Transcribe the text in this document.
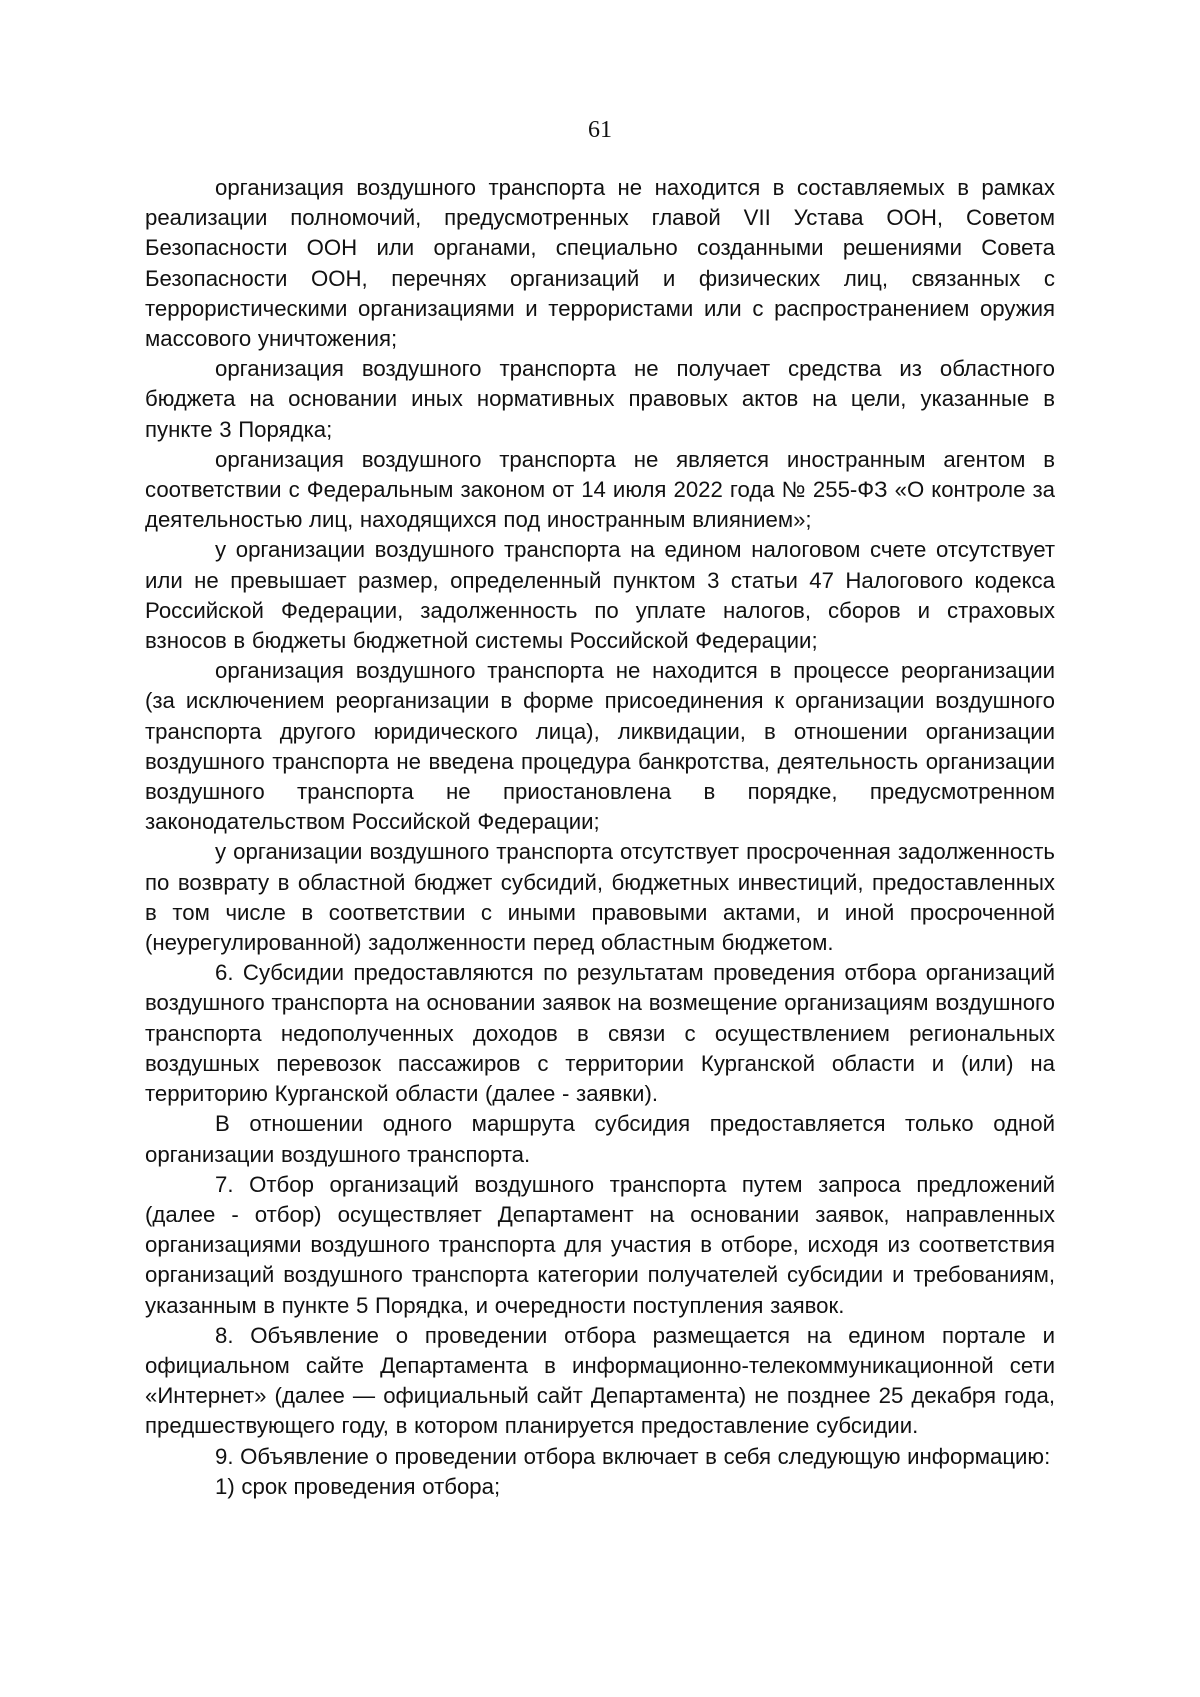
61

организация воздушного транспорта не находится в составляемых в рамках реализации полномочий, предусмотренных главой VII Устава ООН, Советом Безопасности ООН или органами, специально созданными решениями Совета Безопасности ООН, перечнях организаций и физических лиц, связанных с террористическими организациями и террористами или с распространением оружия массового уничтожения;

организация воздушного транспорта не получает средства из областного бюджета на основании иных нормативных правовых актов на цели, указанные в пункте 3 Порядка;

организация воздушного транспорта не является иностранным агентом в соответствии с Федеральным законом от 14 июля 2022 года № 255-ФЗ «О контроле за деятельностью лиц, находящихся под иностранным влиянием»;

у организации воздушного транспорта на едином налоговом счете отсутствует или не превышает размер, определенный пунктом 3 статьи 47 Налогового кодекса Российской Федерации, задолженность по уплате налогов, сборов и страховых взносов в бюджеты бюджетной системы Российской Федерации;

организация воздушного транспорта не находится в процессе реорганизации (за исключением реорганизации в форме присоединения к организации воздушного транспорта другого юридического лица), ликвидации, в отношении организации воздушного транспорта не введена процедура банкротства, деятельность организации воздушного транспорта не приостановлена в порядке, предусмотренном законодательством Российской Федерации;

у организации воздушного транспорта отсутствует просроченная задолженность по возврату в областной бюджет субсидий, бюджетных инвестиций, предоставленных в том числе в соответствии с иными правовыми актами, и иной просроченной (неурегулированной) задолженности перед областным бюджетом.

6. Субсидии предоставляются по результатам проведения отбора организаций воздушного транспорта на основании заявок на возмещение организациям воздушного транспорта недополученных доходов в связи с осуществлением региональных воздушных перевозок пассажиров с территории Курганской области и (или) на территорию Курганской области (далее - заявки).

В отношении одного маршрута субсидия предоставляется только одной организации воздушного транспорта.

7. Отбор организаций воздушного транспорта путем запроса предложений (далее - отбор) осуществляет Департамент на основании заявок, направленных организациями воздушного транспорта для участия в отборе, исходя из соответствия организаций воздушного транспорта категории получателей субсидии и требованиям, указанным в пункте 5 Порядка, и очередности поступления заявок.

8. Объявление о проведении отбора размещается на едином портале и официальном сайте Департамента в информационно-телекоммуникационной сети «Интернет» (далее — официальный сайт Департамента) не позднее 25 декабря года, предшествующего году, в котором планируется предоставление субсидии.

9. Объявление о проведении отбора включает в себя следующую информацию:

1) срок проведения отбора;
